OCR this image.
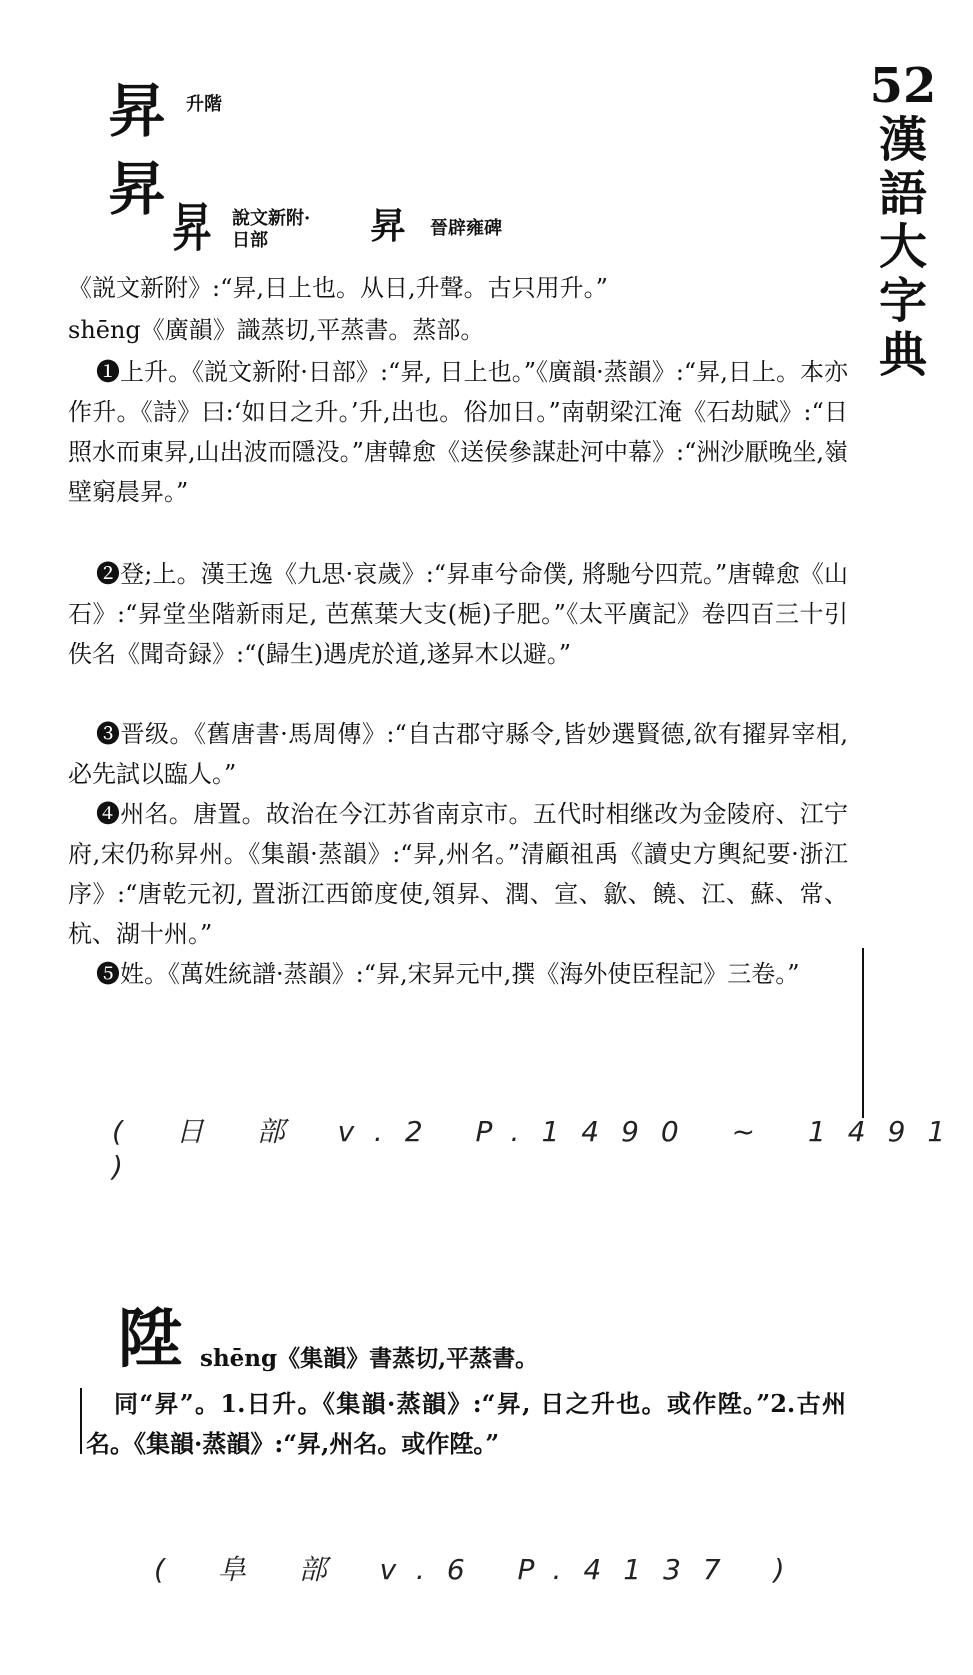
52
漢
語
大
字
典
昇 升階
昇
昇 說文新附·
日部	昇 晉辟雍碑
《説文新附》:“昇,日上也。从日,升聲。古只用升。”
shēng《廣韻》識蒸切,平蒸書。蒸部。
❶上升。《説文新附·日部》:“昇, 日上也。”《廣韻·蒸韻》:“昇,日上。本亦作升。《詩》曰:‘如日之升。’升,出也。俗加日。”南朝梁江淹《石劫賦》:“日照水而東昇,山出波而隱没。”唐韓愈《送侯參謀赴河中幕》:“洲沙厭晚坐,嶺壁窮晨昇。”
❷登;上。漢王逸《九思·哀歲》:“昇車兮命僕, 將馳兮四荒。”唐韓愈《山石》:“昇堂坐階新雨足, 芭蕉葉大支(梔)子肥。”《太平廣記》卷四百三十引佚名《聞奇録》:“(歸生)遇虎於道,遂昇木以避。”
❸晋级。《舊唐書·馬周傳》:“自古郡守縣令,皆妙選賢德,欲有擢昇宰相,必先試以臨人。”
❹州名。唐置。故治在今江苏省南京市。五代时相继改为金陵府、江宁府,宋仍称昇州。《集韻·蒸韻》:“昇,州名。”清顧祖禹《讀史方輿紀要·浙江序》:“唐乾元初, 置浙江西節度使,領昇、潤、宣、歙、饒、江、蘇、常、杭、湖十州。”
❺姓。《萬姓統譜·蒸韻》:“昇,宋昇元中,撰《海外使臣程記》三卷。”
( 日 部 v.2 P.1490 ~ 1491 )
陞 shēng《集韻》書蒸切,平蒸書。
同“昇”。1.日升。《集韻·蒸韻》:“昇, 日之升也。或作陞。”2.古州名。《集韻·蒸韻》:“昇,州名。或作陞。”
( 阜 部 v.6 P.4137 )
